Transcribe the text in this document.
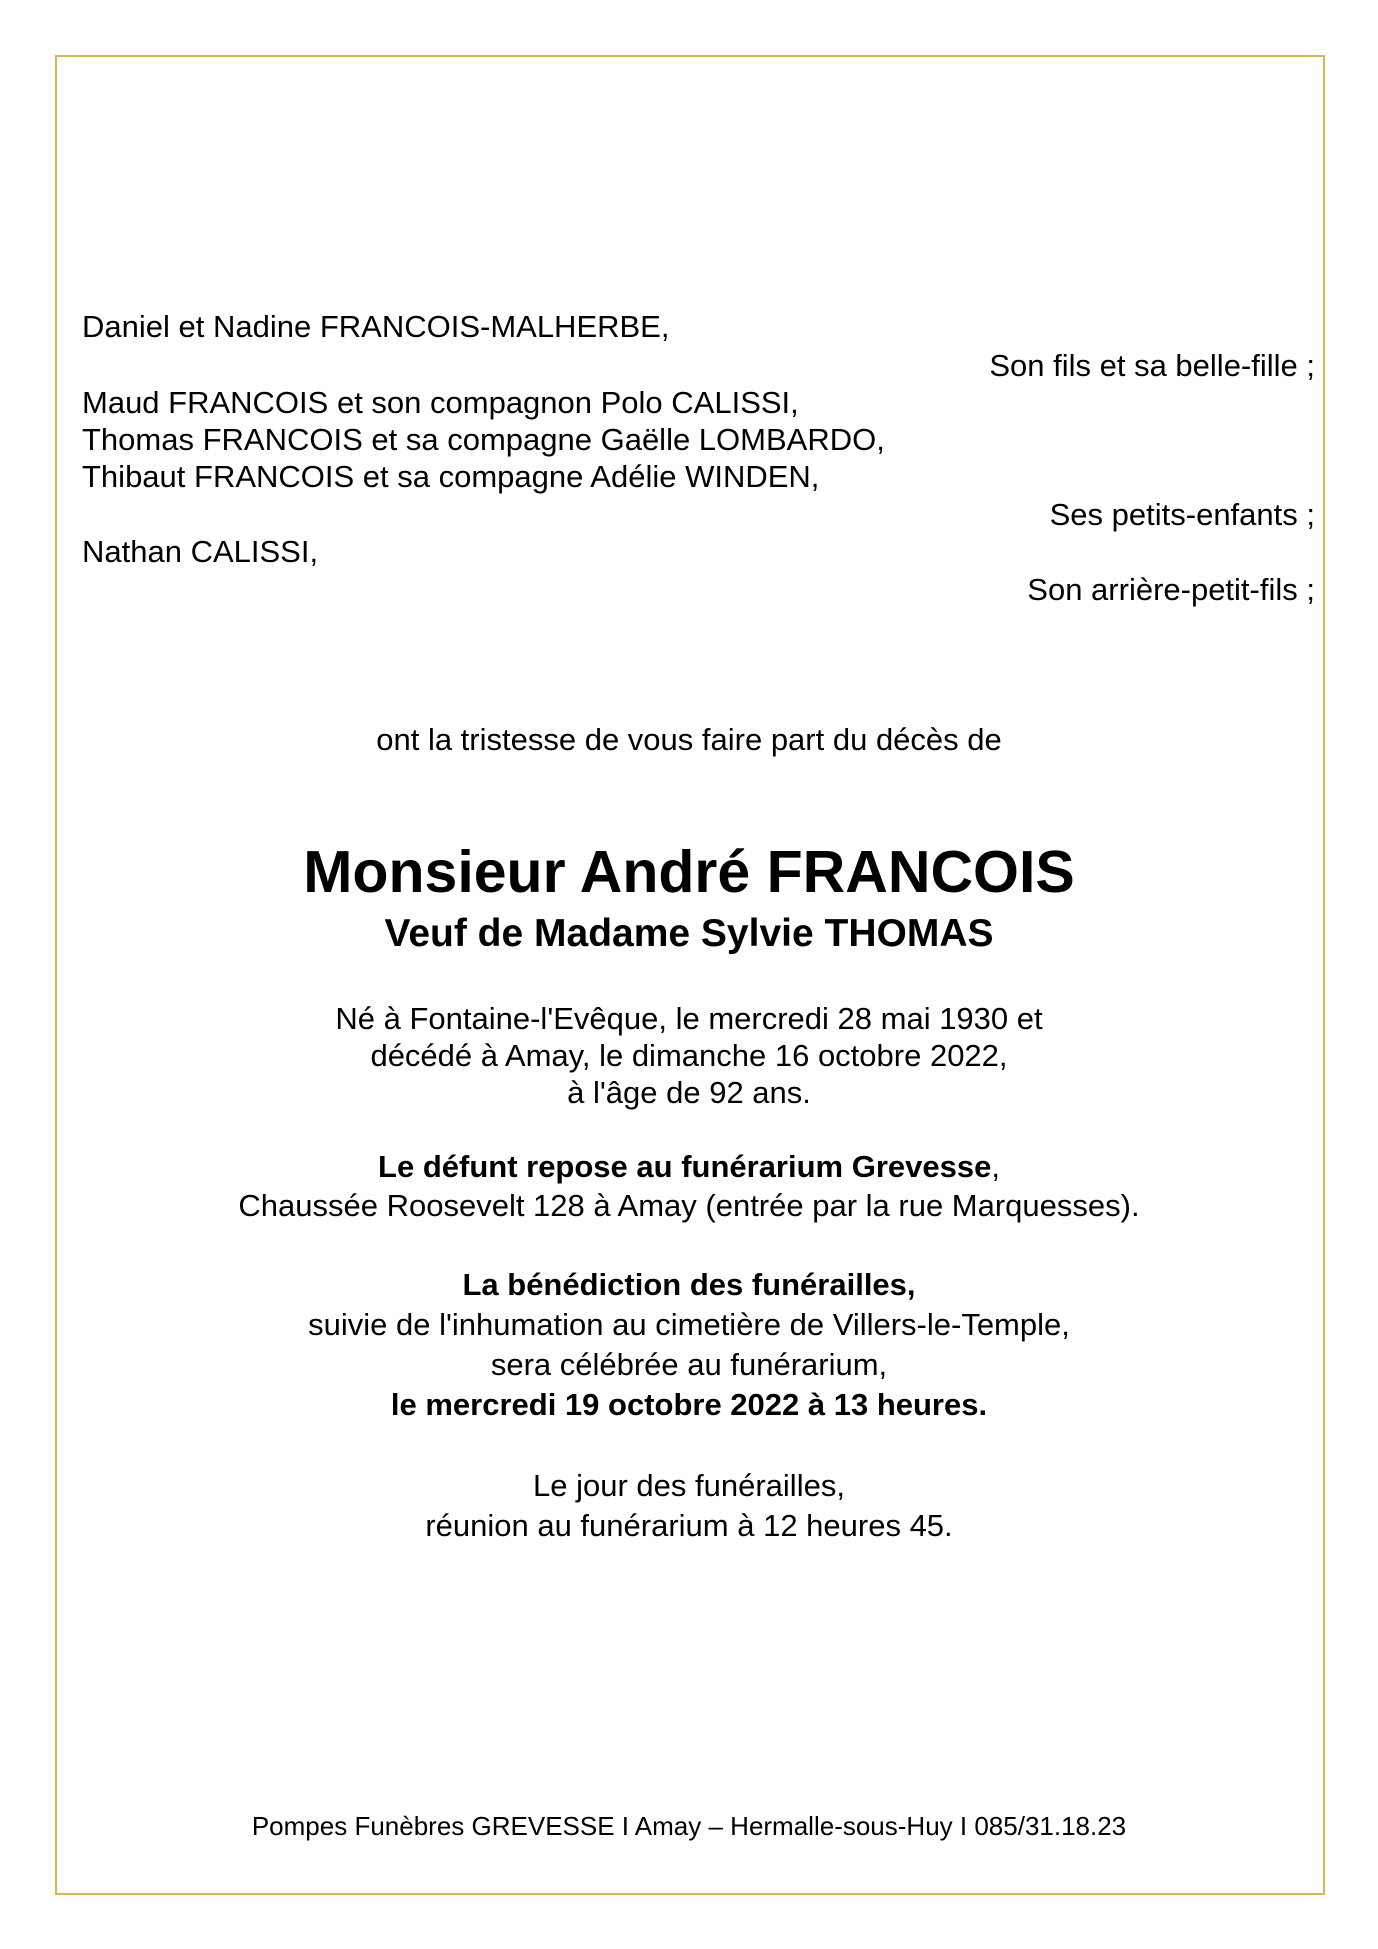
Daniel et Nadine FRANCOIS-MALHERBE,
Son fils et sa belle-fille ;
Maud FRANCOIS et son compagnon Polo CALISSI,
Thomas FRANCOIS et sa compagne Gaëlle LOMBARDO,
Thibaut FRANCOIS et sa compagne Adélie WINDEN,
Ses petits-enfants ;
Nathan CALISSI,
Son arrière-petit-fils ;
ont la tristesse de vous faire part du décès de
Monsieur André FRANCOIS
Veuf de Madame Sylvie THOMAS
Né à Fontaine-l'Evêque, le mercredi 28 mai 1930 et
décédé à Amay, le dimanche 16 octobre 2022,
à l'âge de 92 ans.
Le défunt repose au funérarium Grevesse,
Chaussée Roosevelt 128 à Amay (entrée par la rue Marquesses).
La bénédiction des funérailles,
suivie de l'inhumation au cimetière de Villers-le-Temple,
sera célébrée au funérarium,
le mercredi 19 octobre 2022 à 13 heures.
Le jour des funérailles,
réunion au funérarium à 12 heures 45.
Pompes Funèbres GREVESSE I Amay – Hermalle-sous-Huy I 085/31.18.23
